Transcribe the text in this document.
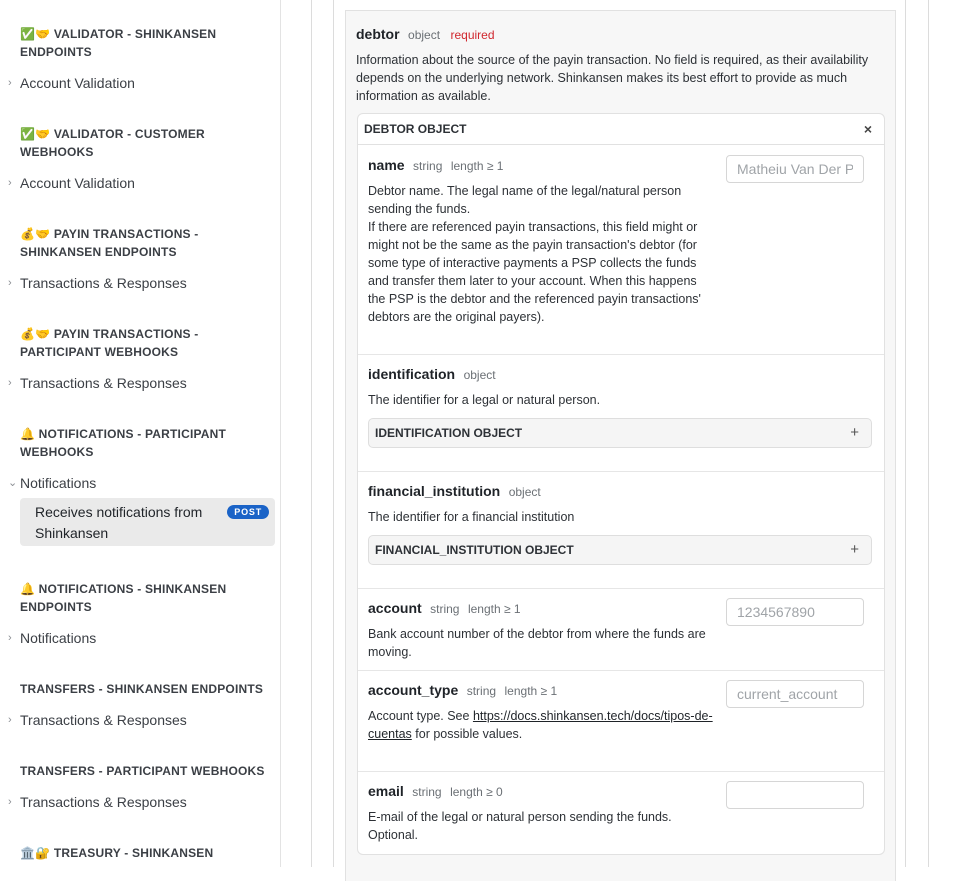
✅🤝 VALIDATOR - SHINKANSEN ENDPOINTS
› Account Validation
✅🤝 VALIDATOR - CUSTOMER WEBHOOKS
› Account Validation
💰🤝 PAYIN TRANSACTIONS - SHINKANSEN ENDPOINTS
› Transactions & Responses
💰🤝 PAYIN TRANSACTIONS - PARTICIPANT WEBHOOKS
› Transactions & Responses
🔔 NOTIFICATIONS - PARTICIPANT WEBHOOKS
⌄ Notifications
Receives notifications from Shinkansen
POST
🔔 NOTIFICATIONS - SHINKANSEN ENDPOINTS
› Notifications
TRANSFERS - SHINKANSEN ENDPOINTS
› Transactions & Responses
TRANSFERS - PARTICIPANT WEBHOOKS
› Transactions & Responses
🏛️🔐 TREASURY - SHINKANSEN
debtor object required
Information about the source of the payin transaction. No field is required, as their availability depends on the underlying network. Shinkansen makes its best effort to provide as much information as available.
DEBTOR OBJECT	×
name string length ≥ 1
Debtor name. The legal name of the legal/natural person sending the funds.
If there are referenced payin transactions, this field might or might not be the same as the payin transaction's debtor (for some type of interactive payments a PSP collects the funds and transfer them later to your account. When this happens the PSP is the debtor and the referenced payin transactions' debtors are the original payers).
Matheiu Van Der Poel
identification object
The identifier for a legal or natural person.
IDENTIFICATION OBJECT	+
financial_institution object
The identifier for a financial institution
FINANCIAL_INSTITUTION OBJECT	+
account string length ≥ 1
Bank account number of the debtor from where the funds are moving.
1234567890
account_type string length ≥ 1
Account type. See https://docs.shinkansen.tech/docs/tipos-de-cuentas for possible values.
current_account
email string length ≥ 0
E-mail of the legal or natural person sending the funds. Optional.
